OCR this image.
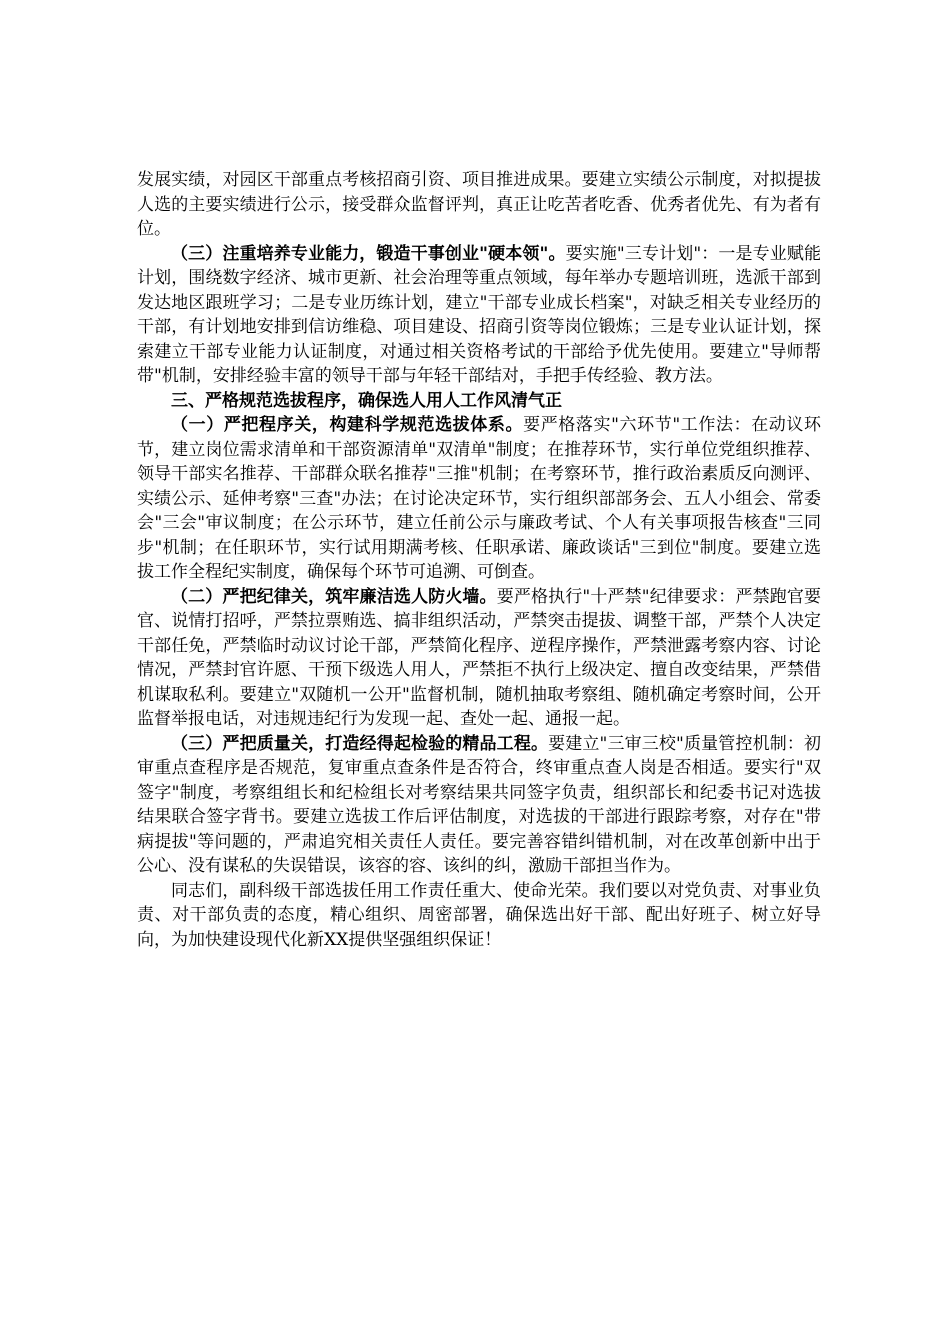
发展实绩，对园区干部重点考核招商引资、项目推进成果。要建立实绩公示制度，对拟提拔人选的主要实绩进行公示，接受群众监督评判，真正让吃苦者吃香、优秀者优先、有为者有位。

（三）注重培养专业能力，锻造干事创业"硬本领"。要实施"三专计划"：一是专业赋能计划，围绕数字经济、城市更新、社会治理等重点领域，每年举办专题培训班，选派干部到发达地区跟班学习；二是专业历练计划，建立"干部专业成长档案"，对缺乏相关专业经历的干部，有计划地安排到信访维稳、项目建设、招商引资等岗位锻炼；三是专业认证计划，探索建立干部专业能力认证制度，对通过相关资格考试的干部给予优先使用。要建立"导师帮带"机制，安排经验丰富的领导干部与年轻干部结对，手把手传经验、教方法。

三、严格规范选拔程序，确保选人用人工作风清气正

（一）严把程序关，构建科学规范选拔体系。要严格落实"六环节"工作法：在动议环节，建立岗位需求清单和干部资源清单"双清单"制度；在推荐环节，实行单位党组织推荐、领导干部实名推荐、干部群众联名推荐"三推"机制；在考察环节，推行政治素质反向测评、实绩公示、延伸考察"三查"办法；在讨论决定环节，实行组织部部务会、五人小组会、常委会"三会"审议制度；在公示环节，建立任前公示与廉政考试、个人有关事项报告核查"三同步"机制；在任职环节，实行试用期满考核、任职承诺、廉政谈话"三到位"制度。要建立选拔工作全程纪实制度，确保每个环节可追溯、可倒查。

（二）严把纪律关，筑牢廉洁选人防火墙。要严格执行"十严禁"纪律要求：严禁跑官要官、说情打招呼，严禁拉票贿选、搞非组织活动，严禁突击提拔、调整干部，严禁个人决定干部任免，严禁临时动议讨论干部，严禁简化程序、逆程序操作，严禁泄露考察内容、讨论情况，严禁封官许愿、干预下级选人用人，严禁拒不执行上级决定、擅自改变结果，严禁借机谋取私利。要建立"双随机一公开"监督机制，随机抽取考察组、随机确定考察时间，公开监督举报电话，对违规违纪行为发现一起、查处一起、通报一起。

（三）严把质量关，打造经得起检验的精品工程。要建立"三审三校"质量管控机制：初审重点查程序是否规范，复审重点查条件是否符合，终审重点查人岗是否相适。要实行"双签字"制度，考察组组长和纪检组长对考察结果共同签字负责，组织部长和纪委书记对选拔结果联合签字背书。要建立选拔工作后评估制度，对选拔的干部进行跟踪考察，对存在"带病提拔"等问题的，严肃追究相关责任人责任。要完善容错纠错机制，对在改革创新中出于公心、没有谋私的失误错误，该容的容、该纠的纠，激励干部担当作为。

同志们，副科级干部选拔任用工作责任重大、使命光荣。我们要以对党负责、对事业负责、对干部负责的态度，精心组织、周密部署，确保选出好干部、配出好班子、树立好导向，为加快建设现代化新XX提供坚强组织保证！
